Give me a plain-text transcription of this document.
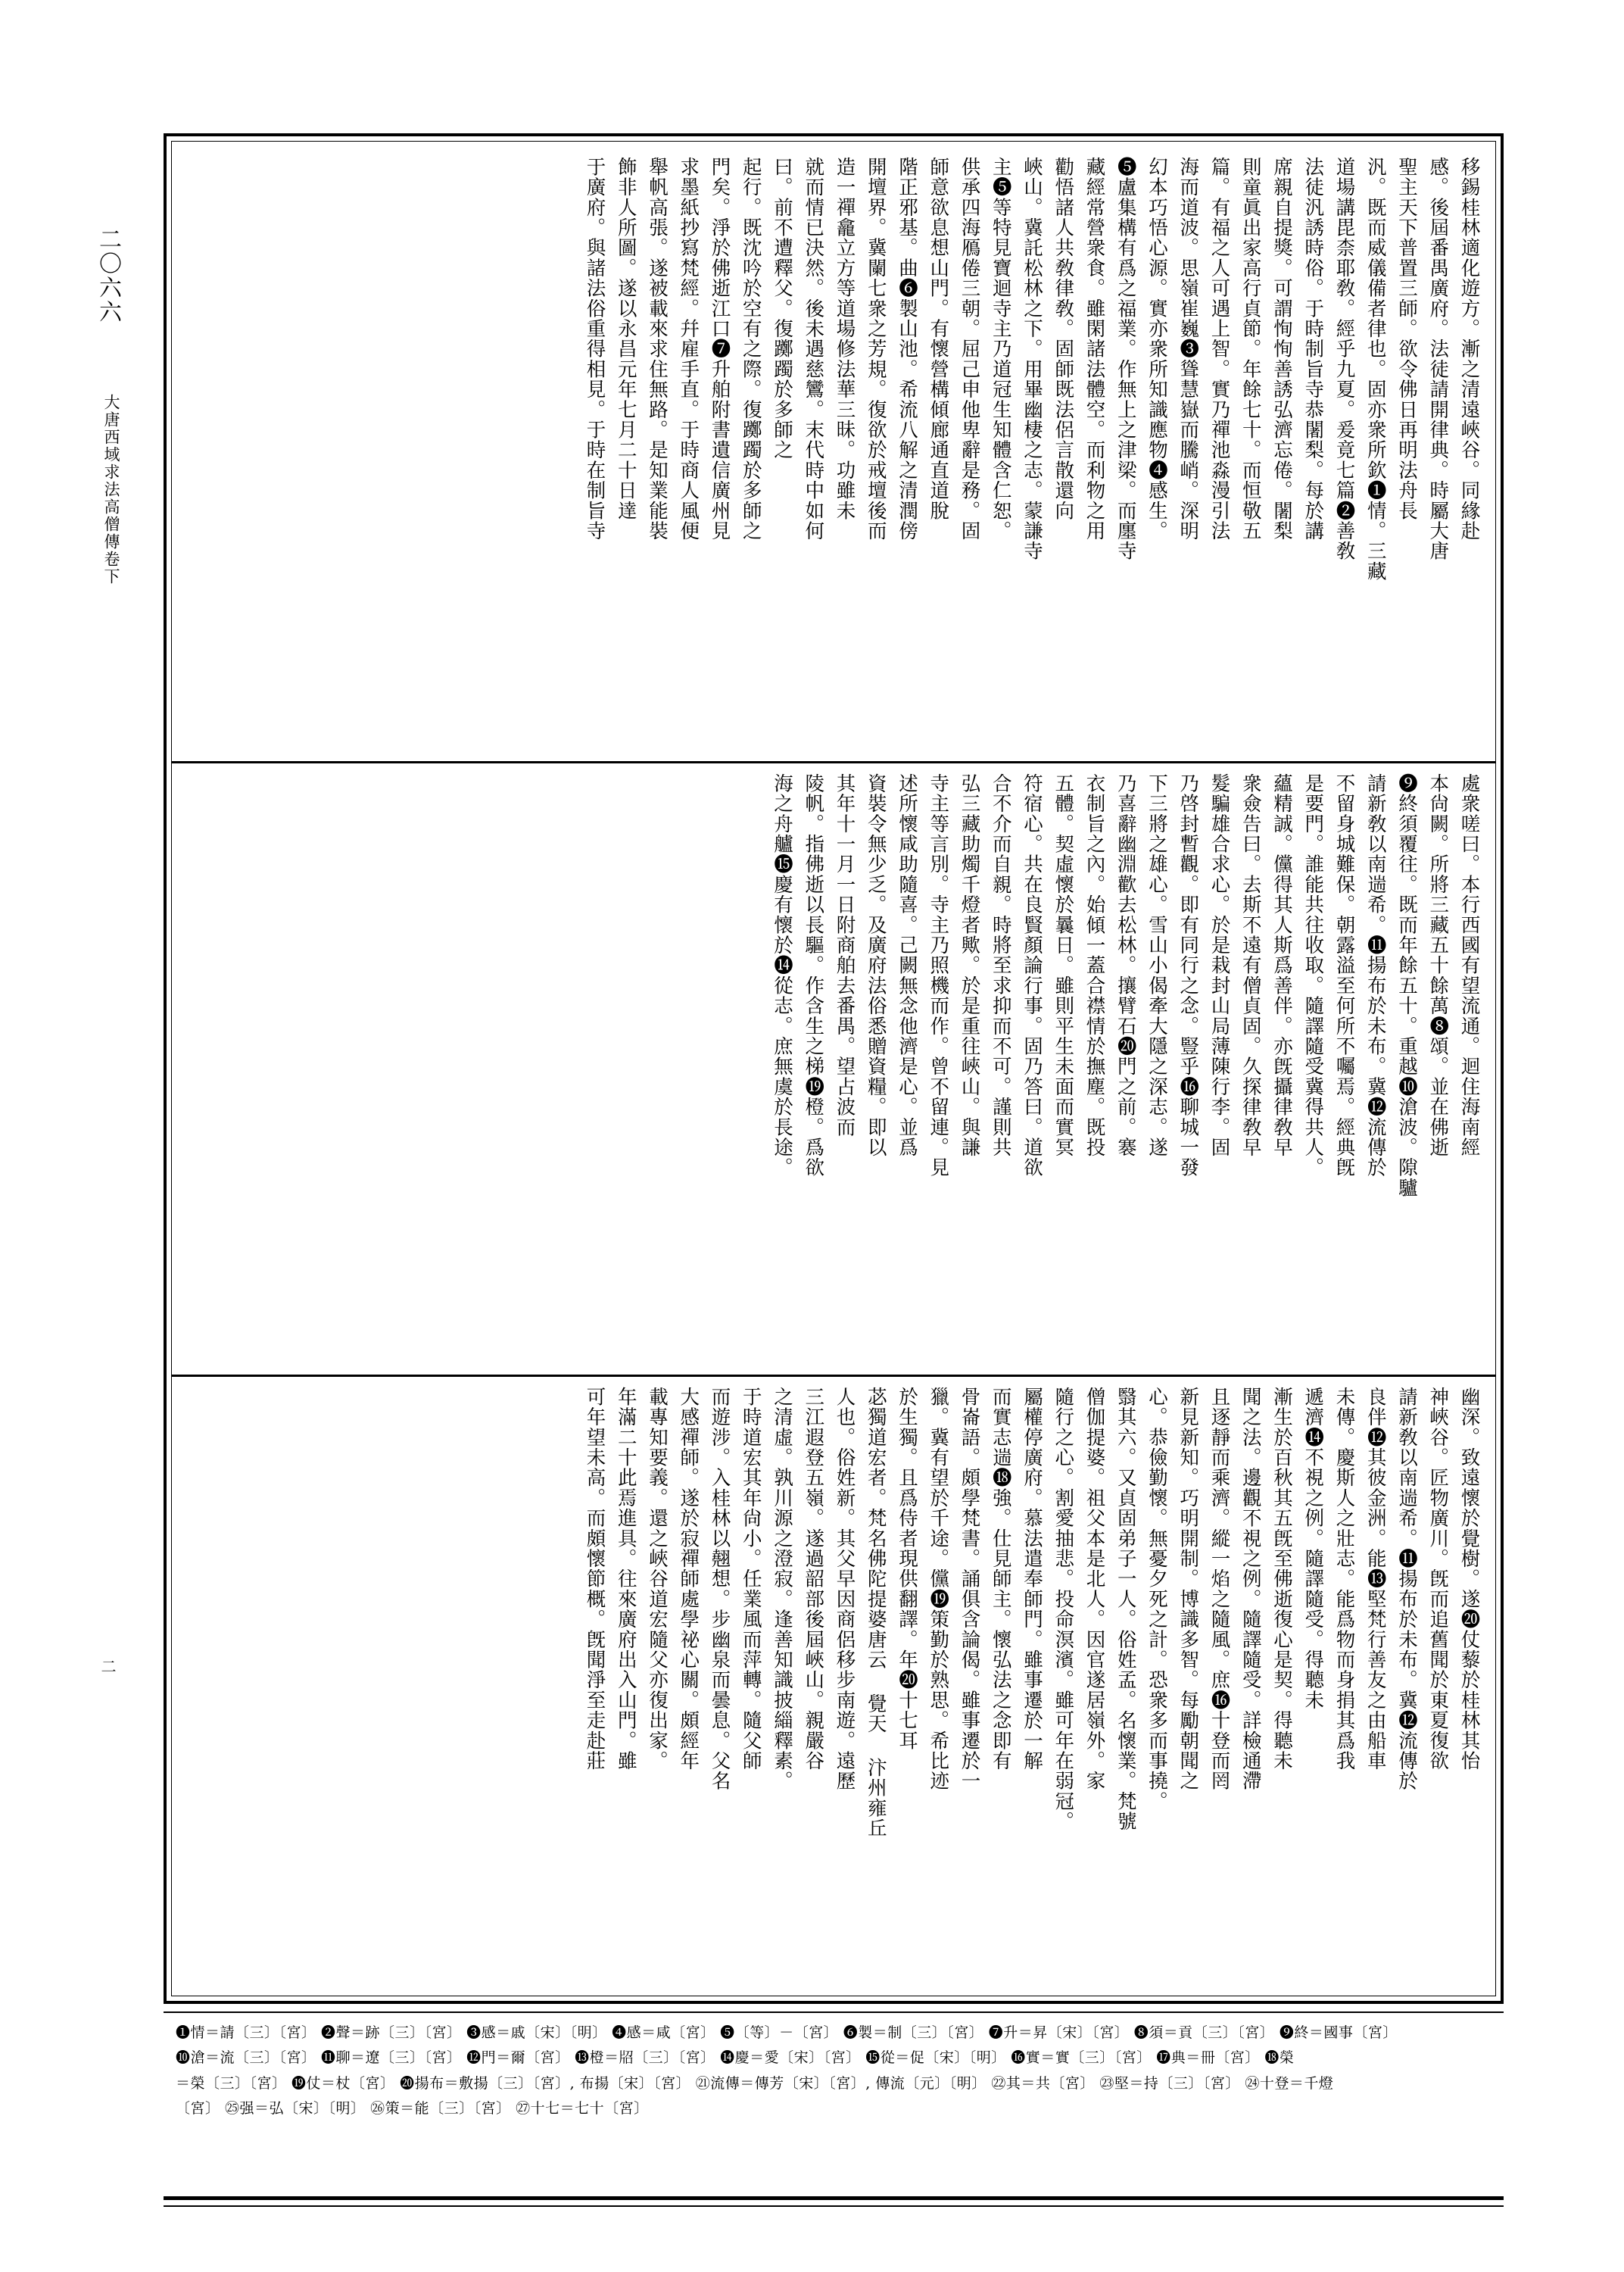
二〇六六
大唐西域求法高僧傳卷下
二
移錫桂林適化遊方。漸之清遠峽谷。同緣赴
感。後屆番禺廣府。法徒請開律典。時屬大唐
聖主天下普置三師。欲令佛日再明法舟長
汎。既而威儀備者律也。固亦衆所欽❶情。三藏
道場講毘柰耶敎。經乎九夏。爰竟七篇❷善敎
法徒汎誘時俗。于時制旨寺恭闍梨。每於講
席親自提獎。可謂恂恂善誘弘濟忘倦。闍梨
則童眞出家高行貞節。年餘七十。而恒敬五
篇。有福之人可遇上智。實乃禪池淼漫引法
海而道波。思嶺崔巍❸聳慧嶽而騰峭。深明
幻本巧悟心源。實亦衆所知識應物❹感生。
❺盧集構有爲之福業。作無上之津梁。而廛寺
藏經常營衆食。雖閑諸法體空。而利物之用
勸悟諸人共敎律敎。固師既法侶言散還向
峽山。冀託松林之下。用畢幽棲之志。蒙謙寺
主❺等特見寶迴寺主乃道冠生知體含仁恕。
供承四海鴈倦三朝。屈己申他卑辭是務。固
師意欲息想山門。有懷營構傾廊通直道脫
階正邪基。曲❻製山池。希流八解之清潤傍
開壇界。冀闌七衆之芳規。復欲於戒壇後而
造一禪龕立方等道場修法華三昧。功雖未
就而情已決然。後未遇慈鸞。末代時中如何
曰。前不遭釋父。復躑躅於多師之
起行。既沈吟於空有之際。復躑躅於多師之
門矣。淨於佛逝江口❼升舶附書遺信廣州見
求墨紙抄寫梵經。幷雇手直。于時商人風便
舉帆高張。遂被載來求住無路。是知業能裝
飾非人所圖。遂以永昌元年七月二十日達
于廣府。與諸法俗重得相見。于時在制旨寺
處衆嗟曰。本行西國有望流通。迴住海南經
本尙闕。所將三藏五十餘萬❽頌。並在佛逝
❾終須覆往。既而年餘五十。重越❿滄波。隙驢
請新敎以南遄希。⓫揚布於未布。冀⓬流傳於
不留身城難保。朝露溢至何所不囑焉。經典旣
是要門。誰能共往收取。隨譯隨受冀得共人。
蘊精誠。儻得其人斯爲善伴。亦旣攝律敎早
衆僉告曰。去斯不遠有僧貞固。久探律敎早
髮騙雄合求心。於是栽封山局薄陳行李。固
乃啓封暫觀。即有同行之念。豎乎⓰聊城一發
下三將之雄心。雪山小偈牽大隱之深志。遂
乃喜辭幽淵歡去松林。攘臂石⓴門之前。褰
衣制旨之內。始傾一蓋合襟情於撫塵。既投
五體。契虛懷於曩日。雖則平生未面而實冥
符宿心。共在良賢顏論行事。固乃答曰。道欲
合不介而自親。時將至求抑而不可。謹則共
弘三藏助燭千燈者歟。於是重往峽山。與謙
寺主等言別。寺主乃照機而作。曾不留連。見
述所懷咸助隨喜。己闕無念他濟是心。並爲
資裝令無少乏。及廣府法俗悉贈資糧。即以
其年十一月一日附商舶去番禺。望占波而
陵帆。指佛逝以長驅。作含生之梯⓳橙。爲欲
海之舟艫⓯慶有懷於⓮從志。庶無虞於長途。
幽深。致遠懷於覺樹。遂⓴仗藜於桂林其怡
神峽谷。匠物廣川。旣而追舊聞於東夏復欲
請新敎以南遄希。⓫揚布於未布。冀⓬流傳於
良伴⓬其彼金洲。能⓭堅梵行善友之由船車
未傳。慶斯人之壯志。能爲物而身捐其爲我
遞濟⓮不視之例。隨譯隨受。得聽未
漸生於百秋其五旣至佛逝復心是契。得聽未
聞之法。邊觀不視之例。隨譯隨受。詳檢通滯
且逐靜而乘濟。縱一焰之隨風。庶⓰十登而罔
新見新知。巧明開制。博識多智。每勵朝聞之
心。恭儉勤懷。無憂夕死之計。恐衆多而事撓。
翳其六。又貞固弟子一人。俗姓孟。名懷業。梵號
僧伽提婆。祖父本是北人。因官遂居嶺外。家
隨行之心。割愛抽悲。投命溟濱。雖可年在弱冠。
屬權停廣府。慕法遣奉師門。雖事遷於一解
而實志遄⓲強。仕見師主。懷弘法之念即有
骨崙語。頗學梵書。誦俱含論偈。雖事遷於一
獵。冀有望於千途。儻⓳策勤於熟思。希比迹
於生獨。且爲侍者現供翻譯。年⓴十七耳
苾獨道宏者。梵名佛陀提婆唐云 覺天 汴州雍丘
人也。俗姓新。其父早因商侶移步南遊。遠歷
三江遐登五嶺。遂過韶部後屆峽山。親嚴谷
之清虛。孰川源之澄寂。逢善知識披緇釋素。
于時道宏其年尙小。任業風而萍轉。隨父師
而遊涉。入桂林以翹想。步幽泉而曇息。父名
大感禪師。遂於寂禪師處學祕心關。頗經年
載專知要義。還之峽谷道宏隨父亦復出家。
年滿二十此焉進具。往來廣府出入山門。雖
可年望未高。而頗懷節概。旣聞淨至走赴莊
❶情＝請〔三〕〔宮〕 ❷聲＝跡〔三〕〔宮〕 ❸感＝戚〔宋〕〔明〕 ❹感＝咸〔宮〕 ❺〔等〕－〔宮〕 ❻製＝制〔三〕〔宮〕 ❼升＝昇〔宋〕〔宮〕 ❽須＝貢〔三〕〔宮〕 ❾終＝國事〔宮〕
❿滄＝流〔三〕〔宮〕 ⓫聊＝遼〔三〕〔宮〕 ⓬門＝爾〔宮〕 ⓭橙＝牊〔三〕〔宮〕 ⓮慶＝愛〔宋〕〔宮〕 ⓯從＝促〔宋〕〔明〕 ⓰實＝實〔三〕〔宮〕 ⓱典＝冊〔宮〕 ⓲榮
＝榮〔三〕〔宮〕 ⓳仗＝杖〔宮〕 ⓴揚布＝敷揚〔三〕〔宮〕, 布揚〔宋〕〔宮〕 ㉑流傳＝傳芳〔宋〕〔宮〕, 傳流〔元〕〔明〕 ㉒其＝共〔宮〕 ㉓堅＝持〔三〕〔宮〕 ㉔十登＝千燈
〔宮〕 ㉕强＝弘〔宋〕〔明〕 ㉖策＝能〔三〕〔宮〕 ㉗十七＝七十〔宮〕
